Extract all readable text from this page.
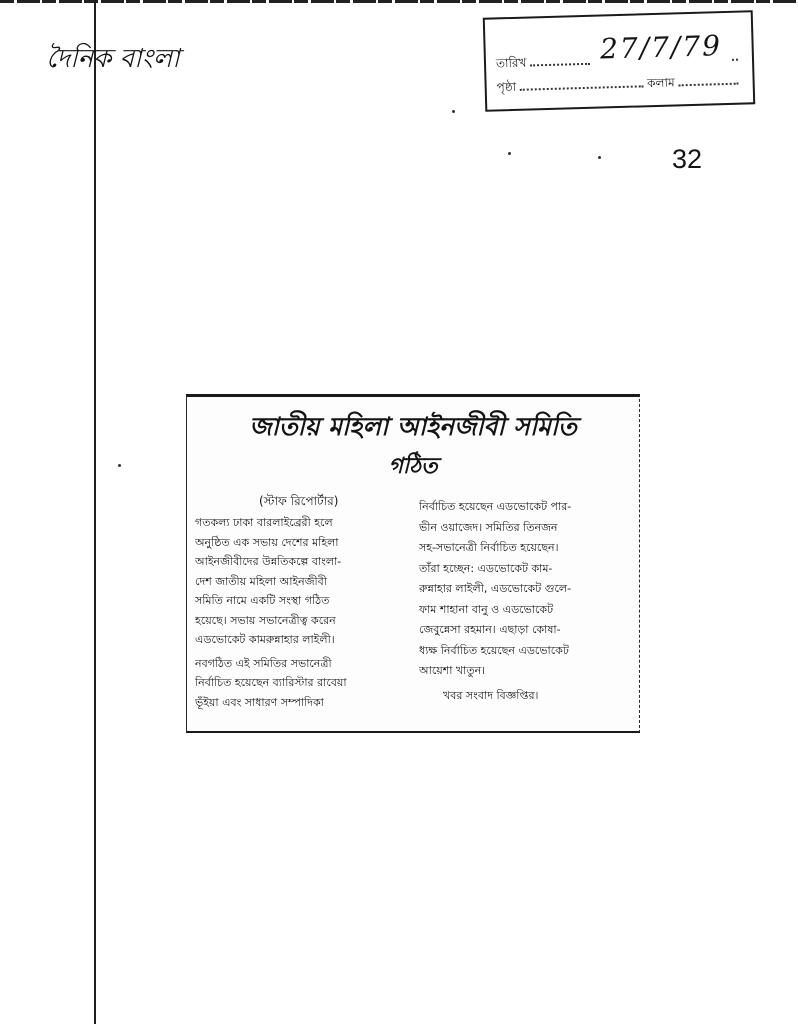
দৈনিক বাংলা	তারিখ	27/7/79
পৃষ্ঠা	কলাম
32
জাতীয় মহিলা আইনজীবী সমিতি
গঠিত
(স্টাফ রিপোর্টার)
গতকল্য ঢাকা বারলাইব্রেরী হলে
অনুষ্ঠিত এক সভায় দেশের মহিলা
আইনজীবীদের উন্নতিকল্পে বাংলা-
দেশ জাতীয় মহিলা আইনজীবী
সমিতি নামে একটি সংস্থা গঠিত
হয়েছে। সভায় সভানেত্রীত্ব করেন
এডভোকেট কামরুন্নাহার লাইলী।
নবগঠিত এই সমিতির সভানেত্রী
নির্বাচিত হয়েছেন ব্যারিস্টার রাবেয়া
ভূঁইয়া এবং সাধারণ সম্পাদিকা
নির্বাচিত হয়েছেন এডভোকেট পার-
ভীন ওয়াজেদ। সমিতির তিনজন
সহ-সভানেত্রী নির্বাচিত হয়েছেন।
তাঁরা হচ্ছেন: এডভোকেট কাম-
রুন্নাহার লাইলী, এডভোকেট গুলে-
ফাম শাহানা বানু ও এডভোকেট
জেবুন্নেসা রহমান। এছাড়া কোষা-
ধ্যক্ষ নির্বাচিত হয়েছেন এডভোকেট
আয়েশা খাতুন।
খবর সংবাদ বিজ্ঞপ্তির।
